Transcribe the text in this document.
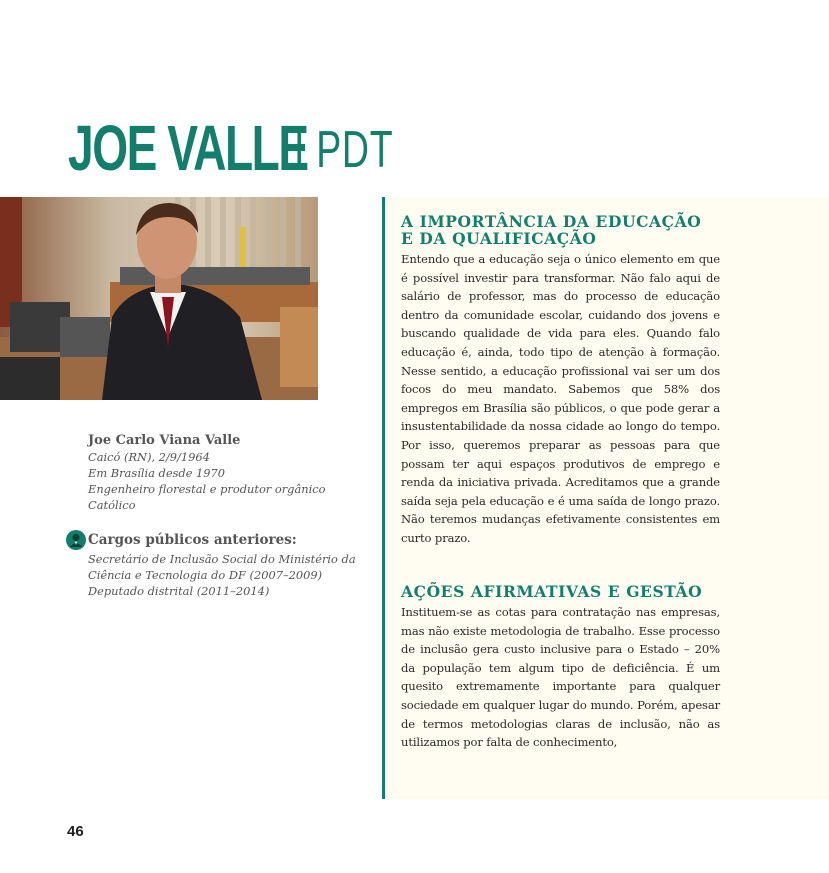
JOE VALLE
I PDT
Joe Carlo Viana Valle
Caicó (RN), 2/9/1964
Em Brasília desde 1970
Engenheiro florestal e produtor orgânico
Católico
Cargos públicos anteriores:
Secretário de Inclusão Social do Ministério da
Ciência e Tecnologia do DF (2007–2009)
Deputado distrital (2011–2014)
A IMPORTÂNCIA DA EDUCAÇÃO
E DA QUALIFICAÇÃO

Entendo que a educação seja o único elemento em que é possível investir para transformar. Não falo aqui de salário de professor, mas do processo de educação dentro da comunidade escolar, cuidando dos jovens e buscando qualidade de vida para eles. Quando falo educação é, ainda, todo tipo de atenção à formação. Nesse sentido, a educação profissional vai ser um dos focos do meu mandato. Sabemos que 58% dos empregos em Brasília são públicos, o que pode gerar a insustentabilidade da nossa cidade ao longo do tempo. Por isso, queremos preparar as pessoas para que possam ter aqui espaços produtivos de emprego e renda da iniciativa privada. Acreditamos que a grande saída seja pela educação e é uma saída de longo prazo. Não teremos mudanças efetivamente consistentes em curto prazo.

AÇÕES AFIRMATIVAS E GESTÃO

Instituem-se as cotas para contratação nas empresas, mas não existe metodologia de trabalho. Esse processo de inclusão gera custo inclusive para o Estado – 20% da população tem algum tipo de deficiência. É um quesito extremamente importante para qualquer sociedade em qualquer lugar do mundo. Porém, apesar de termos metodologias claras de inclusão, não as utilizamos por falta de conhecimento,

46
